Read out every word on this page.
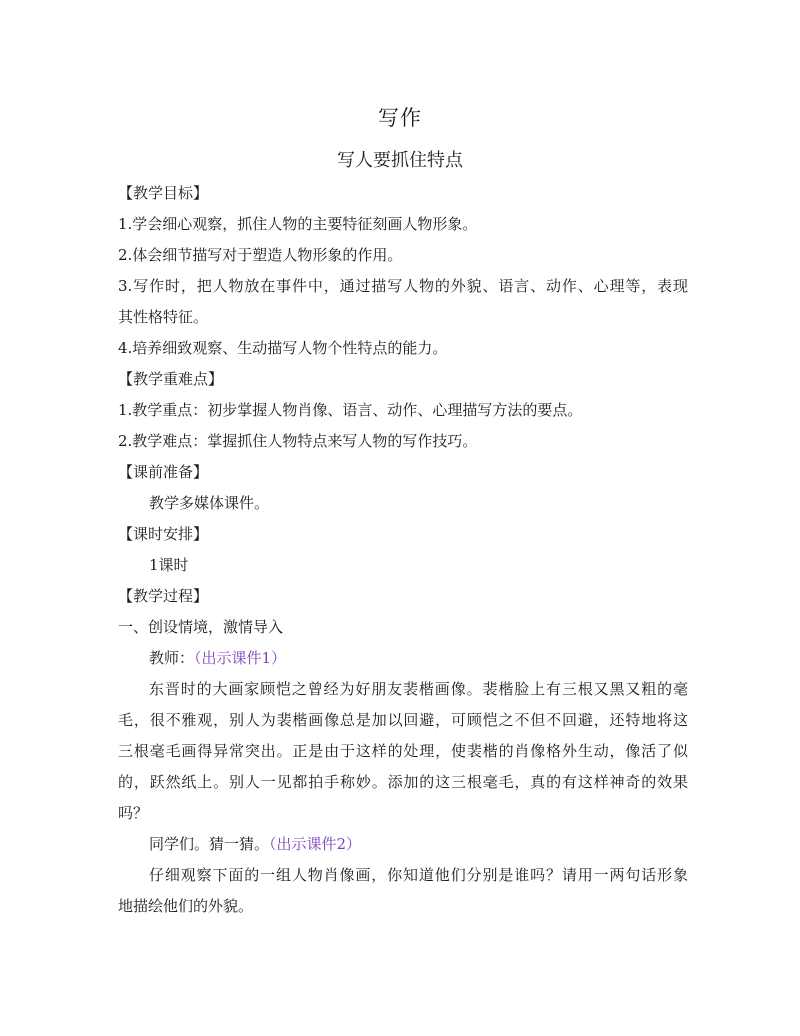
写作
写人要抓住特点
【教学目标】
1.学会细心观察，抓住人物的主要特征刻画人物形象。
2.体会细节描写对于塑造人物形象的作用。
3.写作时，把人物放在事件中，通过描写人物的外貌、语言、动作、心理等，表现
其性格特征。
4.培养细致观察、生动描写人物个性特点的能力。
【教学重难点】
1.教学重点：初步掌握人物肖像、语言、动作、心理描写方法的要点。
2.教学难点：掌握抓住人物特点来写人物的写作技巧。
【课前准备】
教学多媒体课件。
【课时安排】
1课时
【教学过程】
一、创设情境，激情导入
教师：（出示课件1）
东晋时的大画家顾恺之曾经为好朋友裴楷画像。裴楷脸上有三根又黑又粗的毫
毛，很不雅观，别人为裴楷画像总是加以回避，可顾恺之不但不回避，还特地将这
三根毫毛画得异常突出。正是由于这样的处理，使裴楷的肖像格外生动，像活了似
的，跃然纸上。别人一见都拍手称妙。添加的这三根毫毛，真的有这样神奇的效果
吗？
同学们。猜一猜。（出示课件2）
仔细观察下面的一组人物肖像画，你知道他们分别是谁吗？请用一两句话形象
地描绘他们的外貌。
